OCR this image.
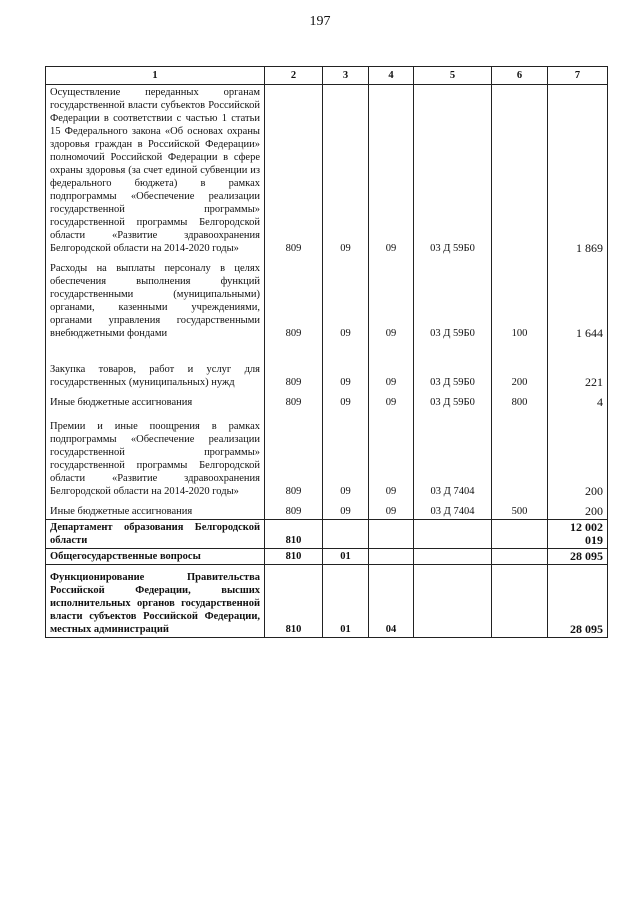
197
1	2	3	4	5	6	7
Осуществление переданных органам государственной власти субъектов Российской Федерации в соответствии с частью 1 статьи 15 Федерального закона «Об основах охраны здоровья граждан в Российской Федерации» полномочий Российской Федерации в сфере охраны здоровья (за счет единой субвенции из федерального бюджета) в рамках подпрограммы «Обеспечение реализации государственной программы» государственной программы Белгородской области «Развитие здравоохранения Белгородской области на 2014-2020 годы»	809	09	09	03 Д 59Б0		1 869
Расходы на выплаты персоналу в целях обеспечения выполнения функций государственными (муниципальными) органами, казенными учреждениями, органами управления государственными внебюджетными фондами	809	09	09	03 Д 59Б0	100	1 644
Закупка товаров, работ и услуг для государственных (муниципальных) нужд	809	09	09	03 Д 59Б0	200	221
Иные бюджетные ассигнования	809	09	09	03 Д 59Б0	800	4
Премии и иные поощрения в рамках подпрограммы «Обеспечение реализации государственной программы» государственной программы Белгородской области «Развитие здравоохранения Белгородской области на 2014-2020 годы»	809	09	09	03 Д 7404		200
Иные бюджетные ассигнования	809	09	09	03 Д 7404	500	200
Департамент образования Белгородской области	810					12 002 019
Общегосударственные вопросы	810	01				28 095
Функционирование Правительства Российской Федерации, высших исполнительных органов государственной власти субъектов Российской Федерации, местных администраций	810	01	04			28 095
